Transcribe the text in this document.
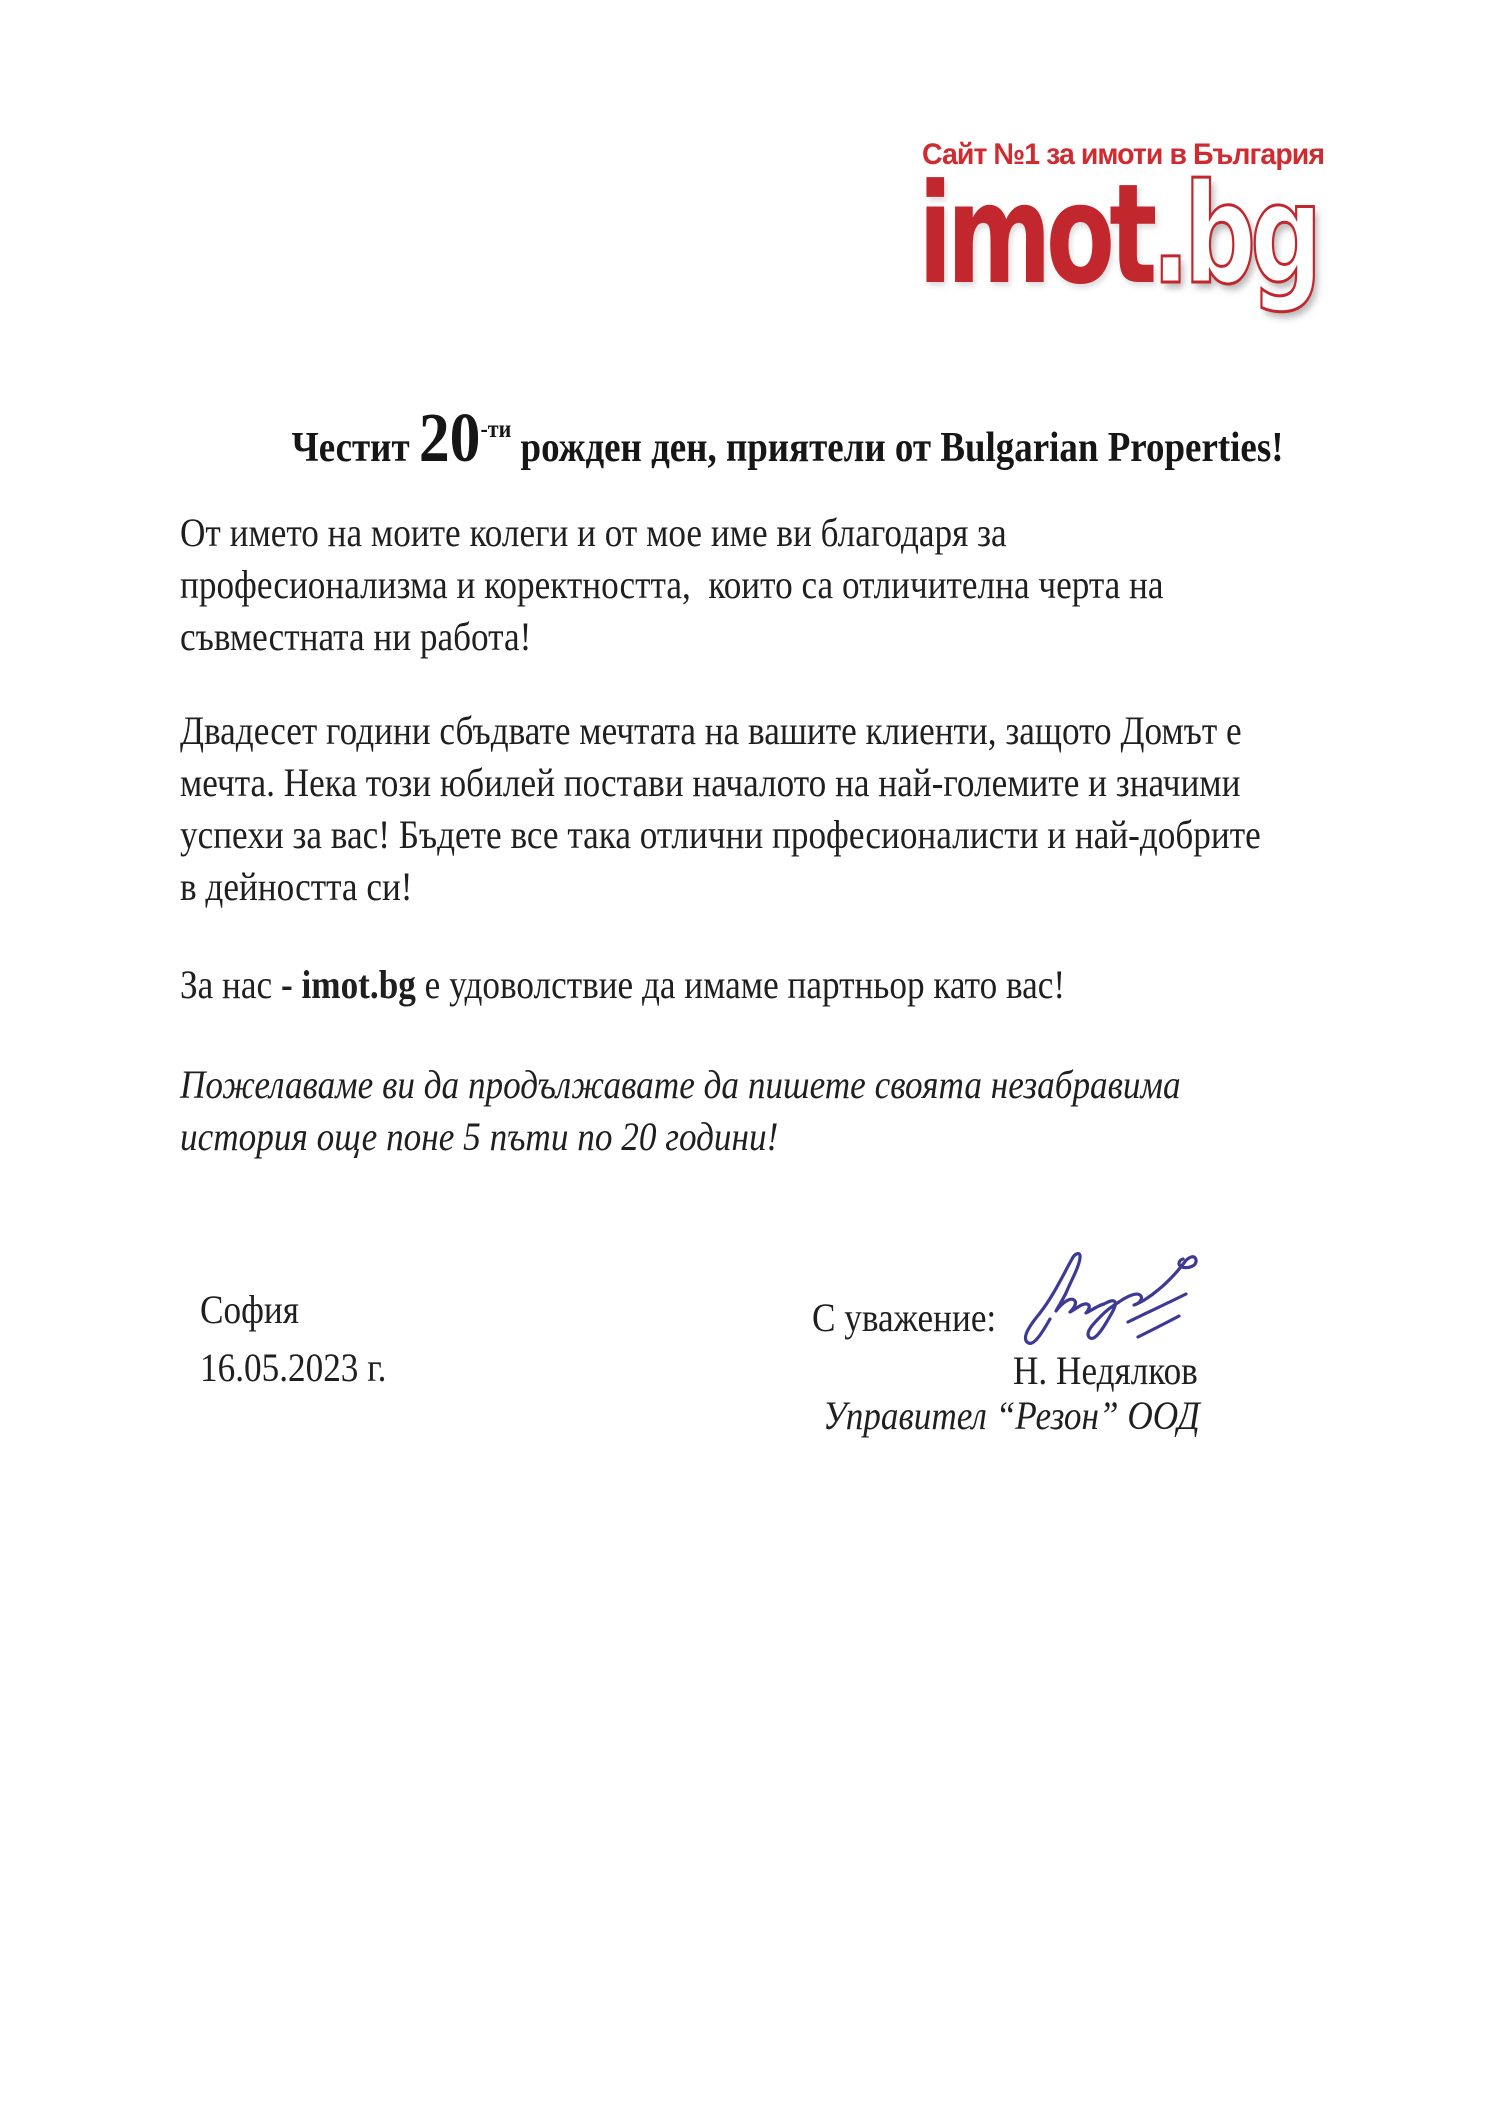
Сайт №1 за имоти в България
imot.bg

Честит 20-ти рожден ден, приятели от Bulgarian Properties!

От името на моите колеги и от мое име ви благодаря за
професионализма и коректността,  които са отличителна черта на
съвместната ни работа!
Двадесет години сбъдвате мечтата на вашите клиенти, защото Домът е
мечта. Нека този юбилей постави началото на най-големите и значими
успехи за вас! Бъдете все така отлични професионалисти и най-добрите
в дейността си!
За нас - imot.bg е удоволствие да имаме партньор като вас!
Пожелаваме ви да продължавате да пишете своята незабравима
история още поне 5 пъти по 20 години!
София
16.05.2023 г.
С уважение:
Н. Недялков
Управител “Резон” ООД
